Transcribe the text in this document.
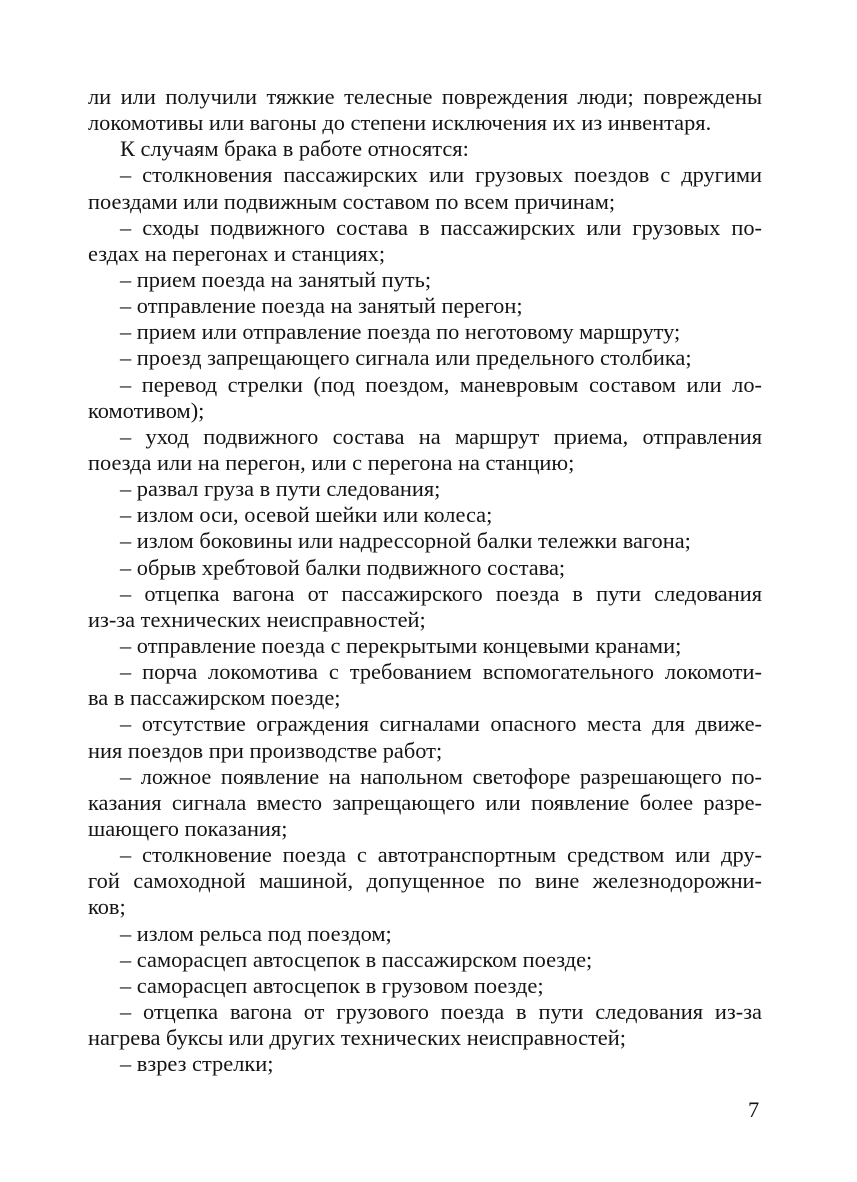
ли или получили тяжкие телесные повреждения люди; повреждены
локомотивы или вагоны до степени исключения их из инвентаря.
К случаям брака в работе относятся:
– столкновения пассажирских или грузовых поездов с другими
поездами или подвижным составом по всем причинам;
– сходы подвижного состава в пассажирских или грузовых по-
ездах на перегонах и станциях;
– прием поезда на занятый путь;
– отправление поезда на занятый перегон;
– прием или отправление поезда по неготовому маршруту;
– проезд запрещающего сигнала или предельного столбика;
– перевод стрелки (под поездом, маневровым составом или ло-
комотивом);
– уход подвижного состава на маршрут приема, отправления
поезда или на перегон, или с перегона на станцию;
– развал груза в пути следования;
– излом оси, осевой шейки или колеса;
– излом боковины или надрессорной балки тележки вагона;
– обрыв хребтовой балки подвижного состава;
– отцепка вагона от пассажирского поезда в пути следования
из-за технических неисправностей;
– отправление поезда с перекрытыми концевыми кранами;
– порча локомотива с требованием вспомогательного локомоти-
ва в пассажирском поезде;
– отсутствие ограждения сигналами опасного места для движе-
ния поездов при производстве работ;
– ложное появление на напольном светофоре разрешающего по-
казания сигнала вместо запрещающего или появление более разре-
шающего показания;
– столкновение поезда с автотранспортным средством или дру-
гой самоходной машиной, допущенное по вине железнодорожни-
ков;
– излом рельса под поездом;
– саморасцеп автосцепок в пассажирском поезде;
– саморасцеп автосцепок в грузовом поезде;
– отцепка вагона от грузового поезда в пути следования из-за
нагрева буксы или других технических неисправностей;
– взрез стрелки;
7
